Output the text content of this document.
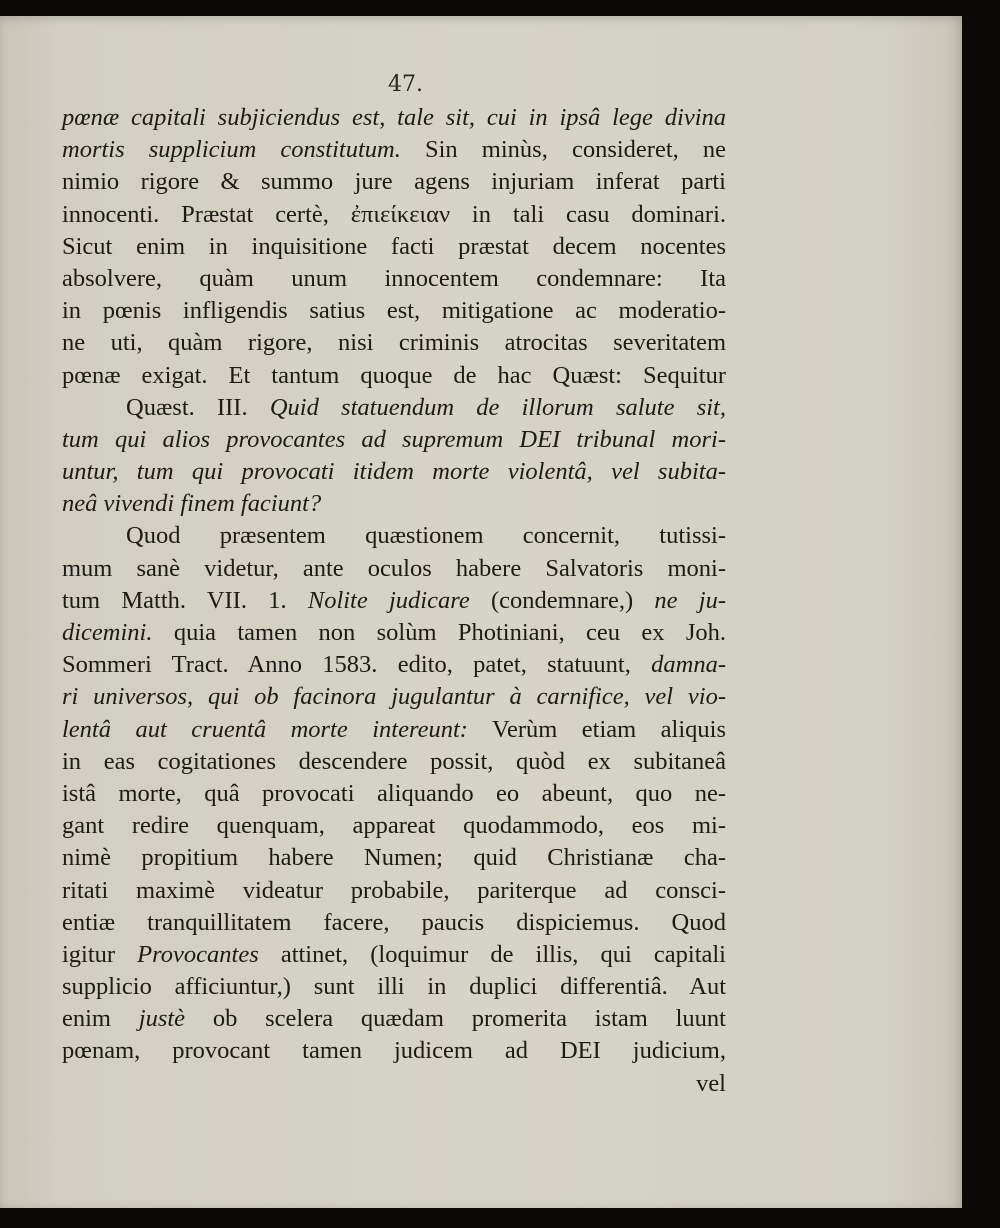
47.
pœnæ capitali subjiciendus est, tale sit, cui in ipsâ lege divina
mortis supplicium constitutum. Sin minùs, consideret, ne
nimio rigore & summo jure agens injuriam inferat parti
innocenti. Præstat certè, ἐπιείκειαν in tali casu dominari.
Sicut enim in inquisitione facti præstat decem nocentes
absolvere, quàm unum innocentem condemnare: Ita
in pœnis infligendis satius est, mitigatione ac moderatio-
ne uti, quàm rigore, nisi criminis atrocitas severitatem
pœnæ exigat. Et tantum quoque de hac Quæst: Sequitur
Quæst. III. Quid statuendum de illorum salute sit,
tum qui alios provocantes ad supremum DEI tribunal mori-
untur, tum qui provocati itidem morte violentâ, vel subita-
neâ vivendi finem faciunt?
Quod præsentem quæstionem concernit, tutissi-
mum sanè videtur, ante oculos habere Salvatoris moni-
tum Matth. VII. 1. Nolite judicare (condemnare,) ne ju-
dicemini. quia tamen non solùm Photiniani, ceu ex Joh.
Sommeri Tract. Anno 1583. edito, patet, statuunt, damna-
ri universos, qui ob facinora jugulantur à carnifice, vel vio-
lentâ aut cruentâ morte intereunt: Verùm etiam aliquis
in eas cogitationes descendere possit, quòd ex subitaneâ
istâ morte, quâ provocati aliquando eo abeunt, quo ne-
gant redire quenquam, appareat quodammodo, eos mi-
nimè propitium habere Numen; quid Christianæ cha-
ritati maximè videatur probabile, pariterque ad consci-
entiæ tranquillitatem facere, paucis dispiciemus. Quod
igitur Provocantes attinet, (loquimur de illis, qui capitali
supplicio afficiuntur,) sunt illi in duplici differentiâ. Aut
enim justè ob scelera quædam promerita istam luunt
pœnam, provocant tamen judicem ad DEI judicium,
vel
